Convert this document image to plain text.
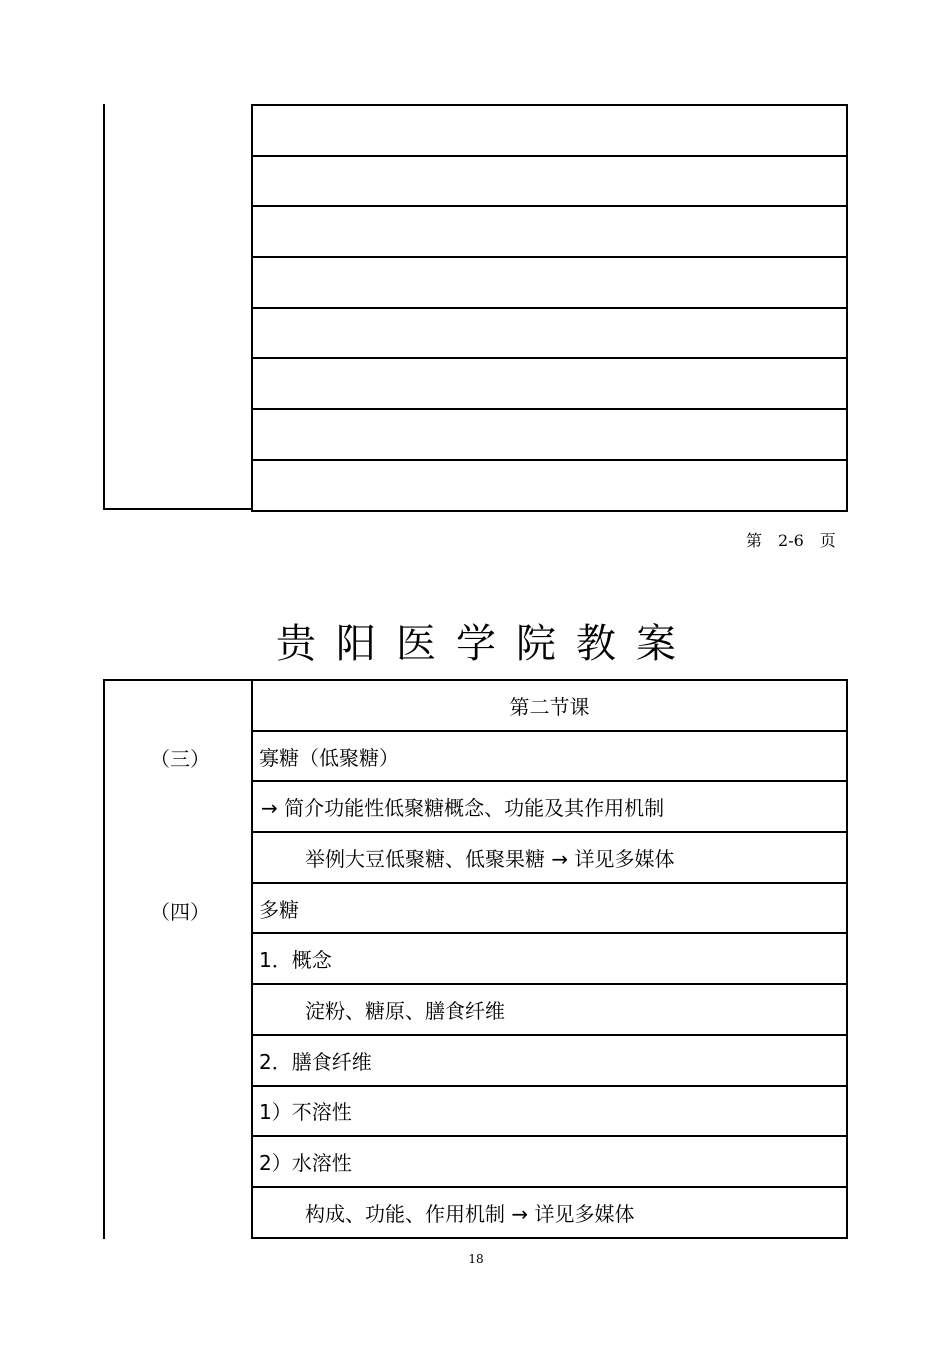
第 2-6 页
贵阳医学院教案
（三）
（四）
第二节课
寡糖（低聚糖）
→ 简介功能性低聚糖概念、功能及其作用机制
举例大豆低聚糖、低聚果糖 → 详见多媒体
多糖
1．概念
淀粉、糖原、膳食纤维
2．膳食纤维
1）不溶性
2）水溶性
构成、功能、作用机制 → 详见多媒体
18
